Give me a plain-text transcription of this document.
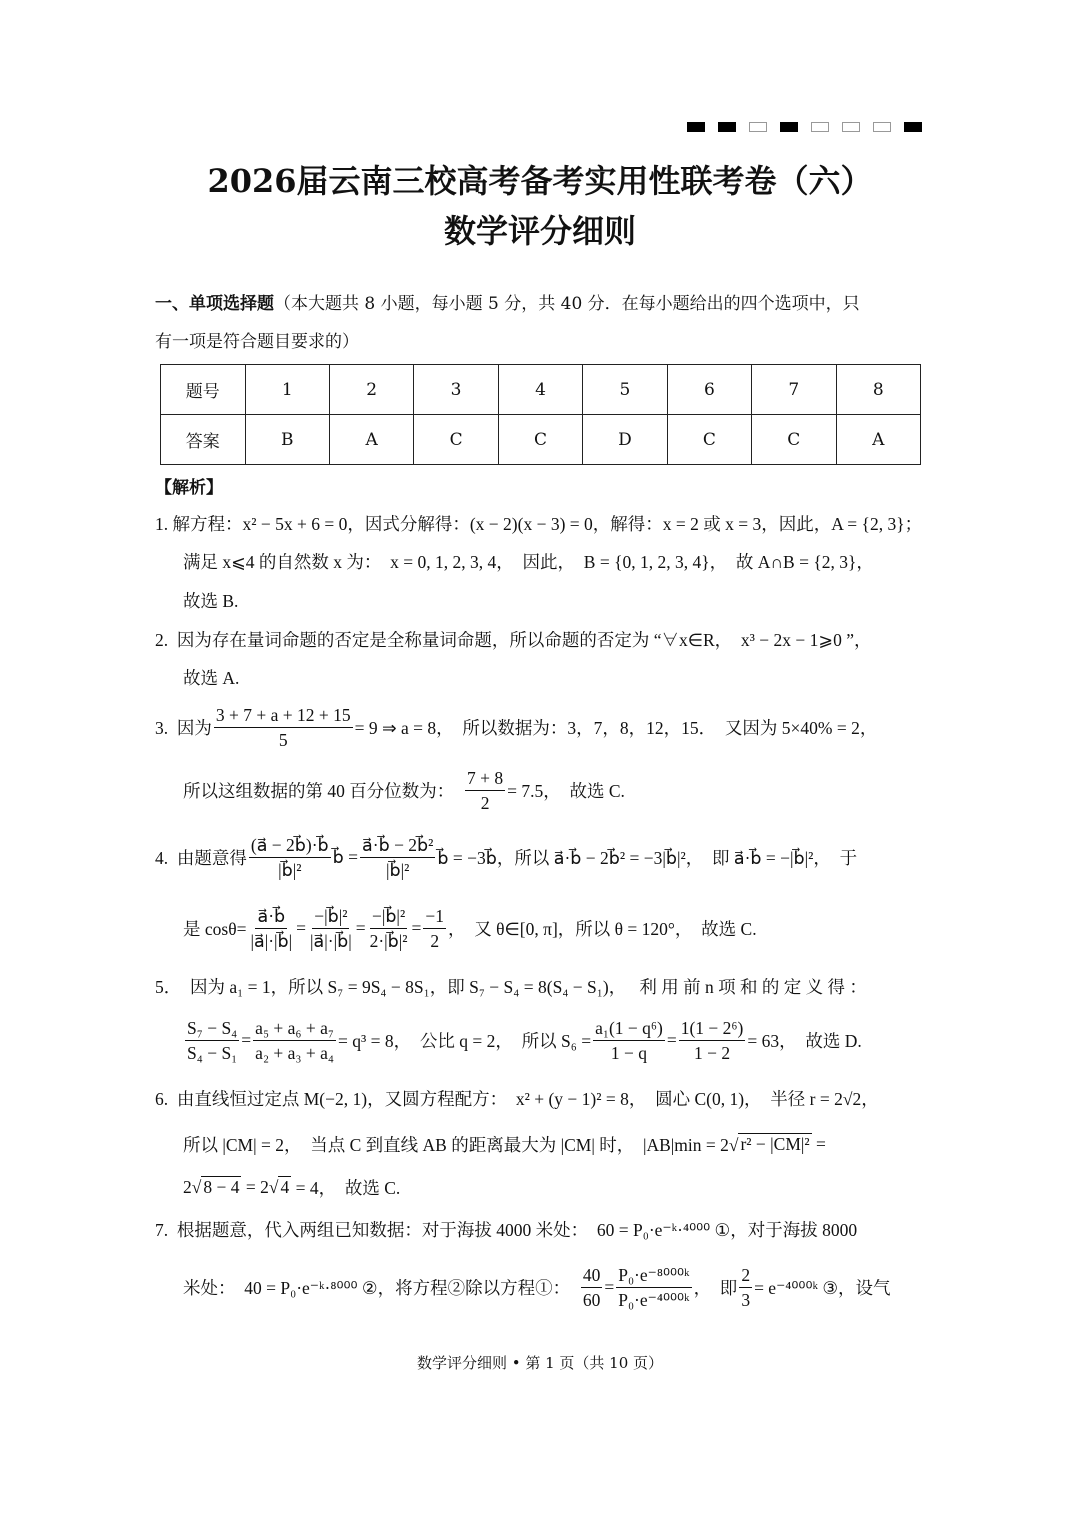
2026届云南三校高考备考实用性联考卷（六）
数学评分细则
一、单项选择题（本大题共 8 小题，每小题 5 分，共 40 分．在每小题给出的四个选项中，只
有一项是符合题目要求的）
题号	1	2	3	4	5	6	7	8
答案	B	A	C	C	D	C	C	A
【解析】
1. 解方程：x² − 5x + 6 = 0，因式分解得：(x − 2)(x − 3) = 0，解得：x = 2 或 x = 3，因此，A = {2, 3}；
满足 x⩽4 的自然数 x 为：  x = 0, 1, 2, 3, 4，  因此，  B = {0, 1, 2, 3, 4}，  故 A∩B = {2, 3}，
故选 B.
2.  因为存在量词命题的否定是全称量词命题，所以命题的否定为 “∀x∈R，  x³ − 2x − 1⩾0 ”，
故选 A.
3.  因为 $\frac{3 + 7 + a + 12 + 15}{5} = 9$ ⇒ a = 8，  所以数据为：3，7，8，12，15．  又因为 5×40% = 2，
所以这组数据的第 40 百分位数为： $\frac{7 + 8}{2} = 7.5$，  故选 C.
4.  由题意得 $\frac{(a⃗ - 2b⃗)\cdot b⃗}{\text{|b⃗|²}}$ b⃗ = $\frac{\text{a⃗·b⃗ − 2b⃗²}}{\text{|b⃗|²}}$ b⃗ = −3b⃗，所以 a⃗·b⃗ − 2b⃗² = −3|b⃗|²，  即 a⃗·b⃗ = −|b⃗|²，  于
是 $\cos\theta= \frac{a⃗\cdot b⃗}{|a⃗|\cdot|b⃗|} = \frac{\text{−|b⃗|²}}{|a⃗|\cdot|b⃗|} = \frac{\text{−|b⃗|²}}{\text{2·|b⃗|²}} = \frac{-1}{2}$ ，  又 θ∈[0, π]，所以 θ = 120°，  故选 C.
5．  因为 a₁ = 1，所以 S₇ = 9S₄ − 8S₁，即 S₇ − S₄ = 8(S₄ − S₁)，   利 用 前 n 项 和 的 定 义 得 ：
$\frac{\text{S₇ − S₄}}{\text{S₄ − S₁}} = \frac{\text{a₅ + a₆ + a₇}}{\text{a₂ + a₃ + a₄}} = q^3 = 8$，  公比 q = 2，  所以 $S_6 = \frac{\text{a₁(1 − q⁶)}}{1 - q} = \frac{\text{1(1 − 2⁶)}}{1 - 2} = 63$，  故选 D.
6.  由直线恒过定点 M(−2, 1)，又圆方程配方：  x² + (y − 1)² = 8，  圆心 C(0, 1)，  半径 r = 2√2，
所以 |CM| = 2，  当点 C 到直线 AB 的距离最大为 |CM| 时，  |AB|min = 2√ r² − |CM|² =
2√ 8 − 4 = 2√ 4 = 4，  故选 C.
7.  根据题意，代入两组已知数据：对于海拔 4000 米处：  60 = P₀·e⁻ᵏ·⁴⁰⁰⁰ ①，对于海拔 8000
米处：  40 = P₀·e⁻ᵏ·⁸⁰⁰⁰ ②，将方程②除以方程①： $\frac{40}{60} = \frac{\text{P₀·e⁻⁸⁰⁰⁰ᵏ}}{\text{P₀·e⁻⁴⁰⁰⁰ᵏ}}$ ，  即 $\frac{2}{3}$ = e⁻⁴⁰⁰⁰ᵏ ③，设气
数学评分细则 • 第 1 页（共 10 页）
